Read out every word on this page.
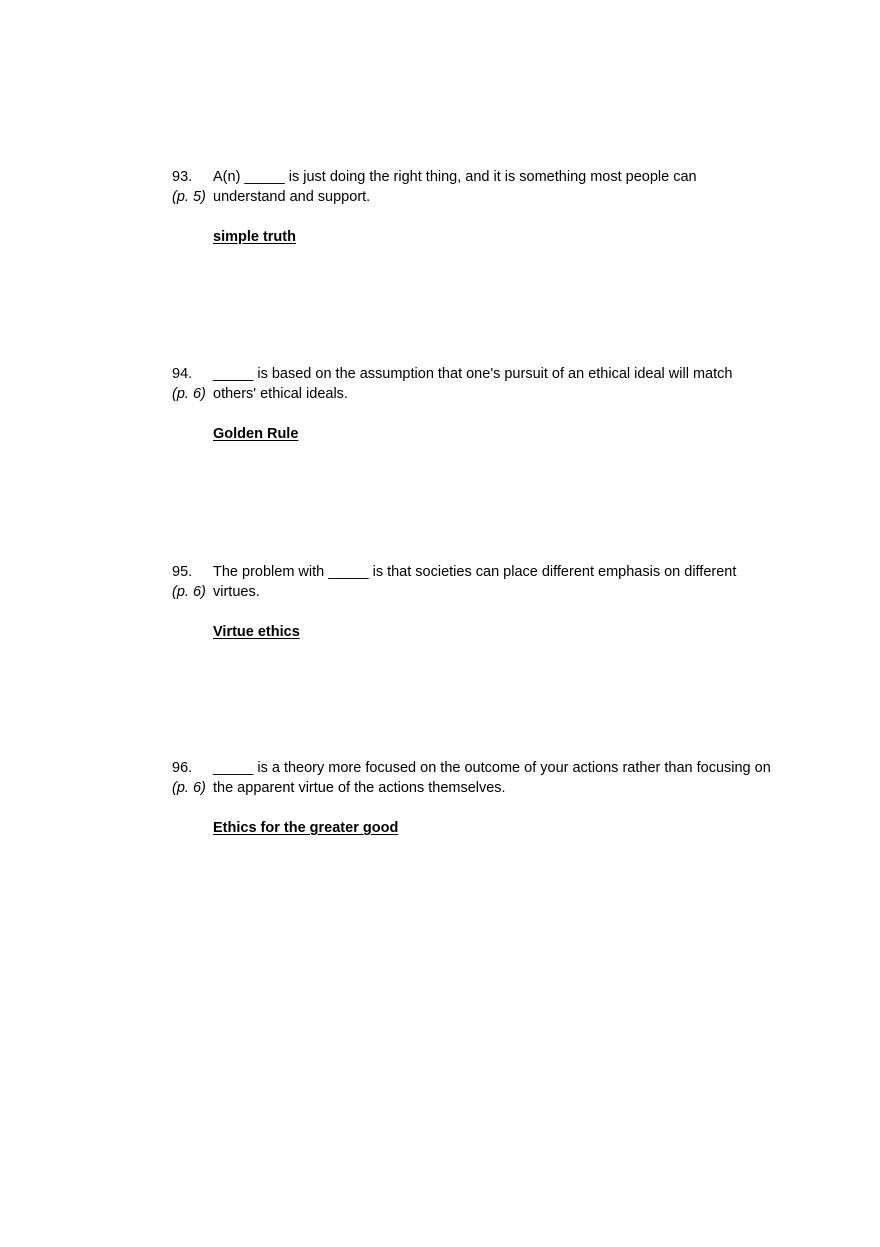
93.
(p. 5)
A(n) _____ is just doing the right thing, and it is something most people can understand and support.
simple truth
94.
(p. 6)
_____ is based on the assumption that one's pursuit of an ethical ideal will match others' ethical ideals.
Golden Rule
95.
(p. 6)
The problem with _____ is that societies can place different emphasis on different virtues.
Virtue ethics
96.
(p. 6)
_____ is a theory more focused on the outcome of your actions rather than focusing on the apparent virtue of the actions themselves.
Ethics for the greater good
